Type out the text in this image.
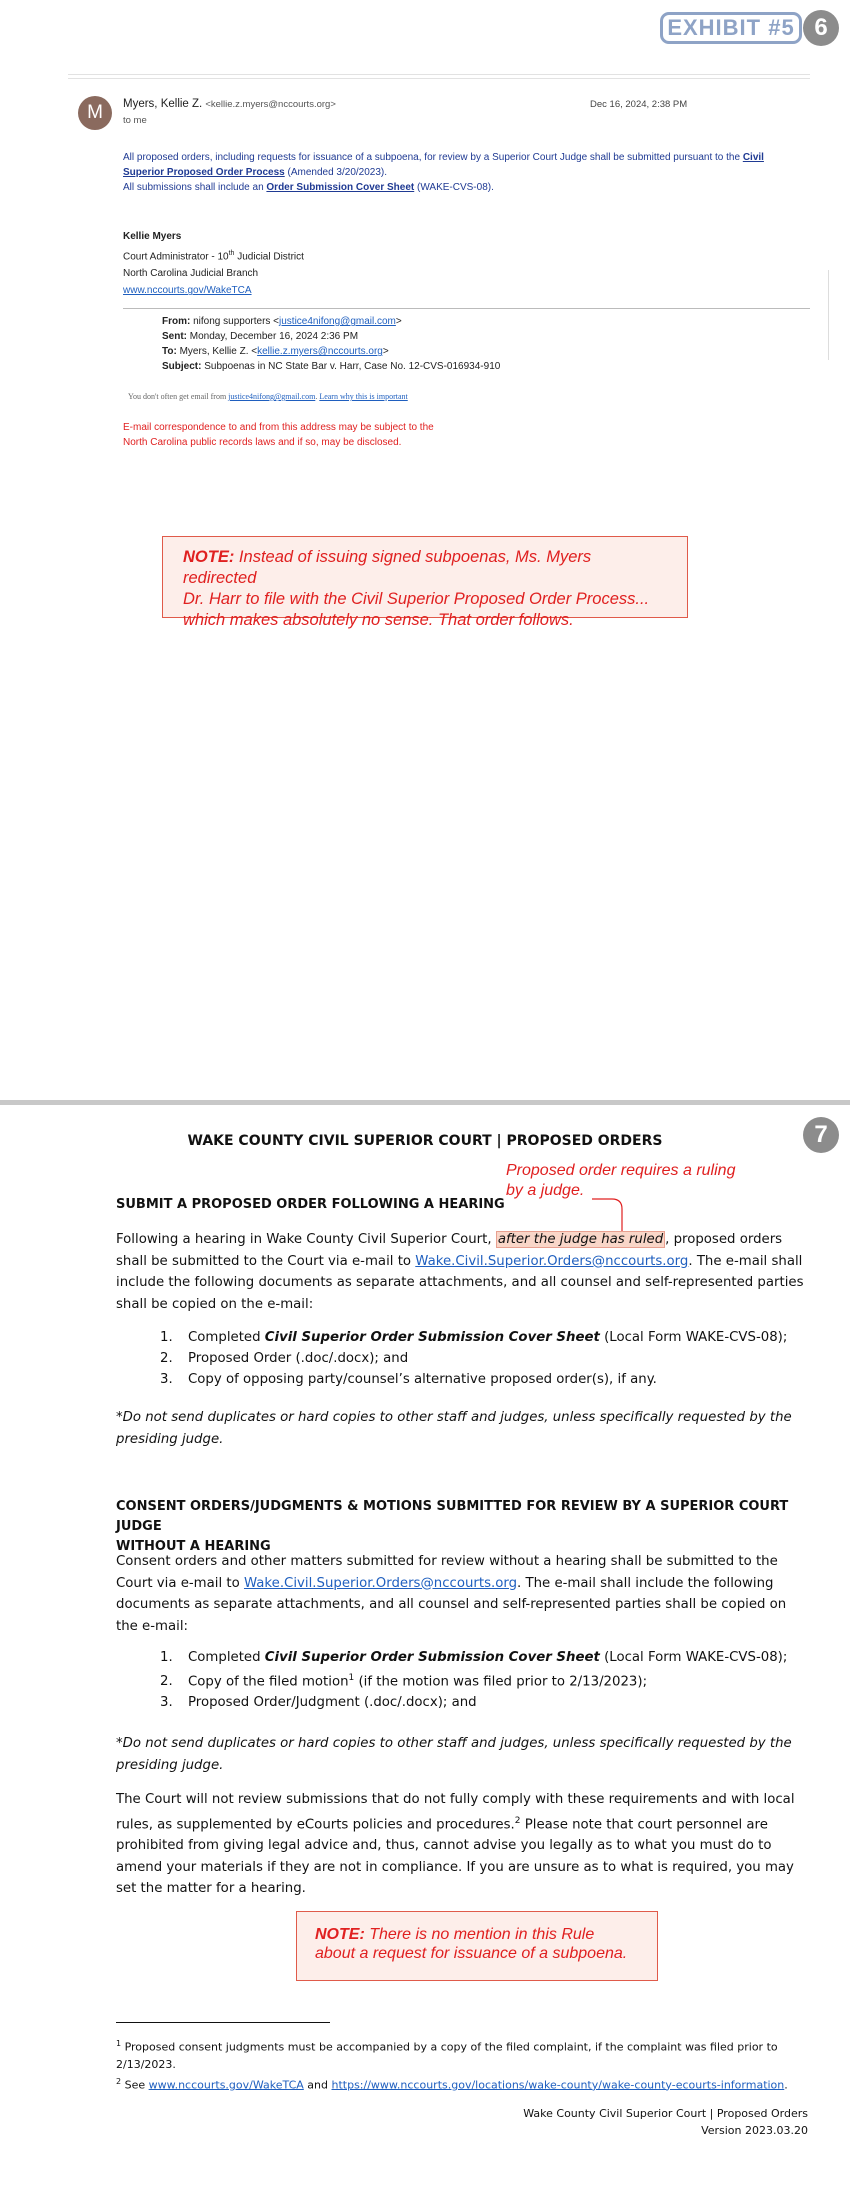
EXHIBIT #5 6
M	Myers, Kellie Z. <kellie.z.myers@nccourts.org>
to me
Dec 16, 2024, 2:38 PM
All proposed orders, including requests for issuance of a subpoena, for review by a Superior Court Judge shall be submitted pursuant to the Civil Superior Proposed Order Process (Amended 3/20/2023).
All submissions shall include an Order Submission Cover Sheet (WAKE-CVS-08).
Kellie Myers
Court Administrator - 10th Judicial District
North Carolina Judicial Branch
www.nccourts.gov/WakeTCA
From: nifong supporters <justice4nifong@gmail.com>
Sent: Monday, December 16, 2024 2:36 PM
To: Myers, Kellie Z. <kellie.z.myers@nccourts.org>
Subject: Subpoenas in NC State Bar v. Harr, Case No. 12-CVS-016934-910
You don't often get email from justice4nifong@gmail.com. Learn why this is important
E-mail correspondence to and from this address may be subject to the
North Carolina public records laws and if so, may be disclosed.
NOTE: Instead of issuing signed subpoenas, Ms. Myers redirected
Dr. Harr to file with the Civil Superior Proposed Order Process...
which makes absolutely no sense. That order follows.
7
WAKE COUNTY CIVIL SUPERIOR COURT | PROPOSED ORDERS
Proposed order requires a ruling
by a judge.
SUBMIT A PROPOSED ORDER FOLLOWING A HEARING
Following a hearing in Wake County Civil Superior Court, after the judge has ruled , proposed orders shall be submitted to the Court via e-mail to Wake.Civil.Superior.Orders@nccourts.org. The e-mail shall include the following documents as separate attachments, and all counsel and self-represented parties shall be copied on the e-mail:
1. Completed Civil Superior Order Submission Cover Sheet (Local Form WAKE-CVS-08);
2. Proposed Order (.doc/.docx); and
3. Copy of opposing party/counsel’s alternative proposed order(s), if any.
*Do not send duplicates or hard copies to other staff and judges, unless specifically requested by the presiding judge.
CONSENT ORDERS/JUDGMENTS & MOTIONS SUBMITTED FOR REVIEW BY A SUPERIOR COURT JUDGE
WITHOUT A HEARING
Consent orders and other matters submitted for review without a hearing shall be submitted to the Court via e-mail to Wake.Civil.Superior.Orders@nccourts.org. The e-mail shall include the following documents as separate attachments, and all counsel and self-represented parties shall be copied on the e-mail:
1. Completed Civil Superior Order Submission Cover Sheet (Local Form WAKE-CVS-08);
2. Copy of the filed motion$^1$ (if the motion was filed prior to 2/13/2023);
3. Proposed Order/Judgment (.doc/.docx); and
*Do not send duplicates or hard copies to other staff and judges, unless specifically requested by the presiding judge.
The Court will not review submissions that do not fully comply with these requirements and with local rules, as supplemented by eCourts policies and procedures.$^2$ Please note that court personnel are prohibited from giving legal advice and, thus, cannot advise you legally as to what you must do to amend your materials if they are not in compliance. If you are unsure as to what is required, you may set the matter for a hearing.
NOTE: There is no mention in this Rule
about a request for issuance of a subpoena.
$^1$ Proposed consent judgments must be accompanied by a copy of the filed complaint, if the complaint was filed prior to 2/13/2023.
$^2$ See www.nccourts.gov/WakeTCA and https://www.nccourts.gov/locations/wake-county/wake-county-ecourts-information.
Wake County Civil Superior Court | Proposed Orders
Version 2023.03.20
